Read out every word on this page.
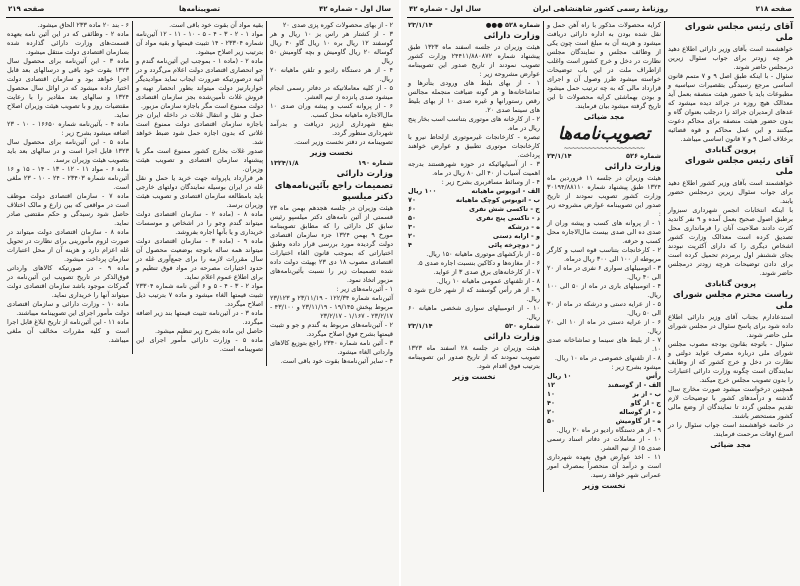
سال اول - شماره ۴۲
تصویبنامه‌ها
صفحه ۲۱۹

۶ - بند ۲۰ ماده ۲۳۳ الحاق میشود.

ماده ۲ - وظائفی که در این آئین نامه بعهده قسمت‌های وزارت دارائی گذارده شده بسازمان اقتصادی دولت منتقل میشود.

ماده ۳ - این آئین‌نامه برای محصول سال ۱۳۲۳ بقوت خود باقی و درسالهای بعد قابل اجرا خواهد بود و سازمان اقتصادی دولت اختیار داده میشود که در اوائل سال محصول ۱۳۲۴ و سالهای بعد مقادیر را با رعایت مقتضیات روز و با تصویب هیئت وزیران اصلاح نماید.

ماده ۴ - بآئین‌نامه شماره ۱۶۶۵۰ - ۱۰ - ۲۳ اضافه میشود بشرح زیر :

ماده ۵ - این آئین‌نامه برای محصول سال ۱۳۲۳ قابل اجرا است و در سالهای بعد باید بتصویب هیئت وزیران برسد.

ماده ۶ - مواد ۱۱ - ۱۲ - ۱۳ - ۱۴ - ۱۵ و ۱۶ آئین‌نامه شماره ۲۳۴۰۳ - ۲۴ - ۱۰ - ۲۳ ملغی است.

ماده ۷ - سازمان اقتصادی دولت موظف است در مواقعی که بین زارع و مالک اختلاف حاصل شود رسیدگی و حکم مقتضی صادر نماید.

ماده ۸ - سازمان اقتصادی دولت میتواند در صورت لزوم مأمورینی برای نظارت در تحویل غله اعزام دارد و هزینه آن از محل اعتبارات سازمان پرداخت میشود.

ماده ۹ - در صورتیکه کالاهای وارداتی فوق‌الذکر در تاریخ تصویب این آئین‌نامه در گمرکات موجود باشد سازمان اقتصادی دولت میتواند آنها را خریداری نماید.

ماده ۱۰ - وزارت دارائی و سازمان اقتصادی دولت مأمور اجرای این تصویبنامه میباشند.

ماده ۱۱ - این آئین‌نامه از تاریخ ابلاغ قابل اجرا است و کلیه مقررات مخالف آن ملغی میباشد.

بقیه مواد آن بقوت خود باقی است.

مواد ۱ - ۲ - ۳ - ۴ - ۵ - ۱۰ - ۱۱ - ۱۲ آئین‌نامه شماره ۲۳۳۰۴ - ۱۴ تثبیت قیمتها و بقیه مواد آن بترتیب زیر اصلاح میشود.

ماده ۲ - (ماده ۱ - بموجب این آئین‌نامه گندم و جو انحصاری اقتصادی دولت اعلام می‌گردد و در آتیه درصورتیکه ضرورت ایجاب نماید موادیدیگر خواربارنیز دولت میتواند بطور انحصار تهیه و فروش غلات تأمین‌شده بجز سازمان اقتصادی دولت ممنوع است مگر باجازه سازمان مزبور.

حمل و نقل و انتقال غلات در داخله ایران جز باجازه سازمان اقتصادی دولت ممنوع است غلاتی که بدون اجازه حمل شود ضبط خواهد شد.

صدور غلات بخارج کشور ممنوع است مگر با پیشنهاد سازمان اقتصادی و تصویب هیئت وزیران.

هر قرارداد یاپروانه جهت خرید یا حمل و نقل غله در ایران بوسیله نمایندگان دولتهای خارجی باید بامطالعه سازمان اقتصادی و تصویب هیئت وزیران برسد.

ماده ۸ - (ماده ۲ - سازمان اقتصادی دولت میتواند گندم وجو را در اشخاص و موسسات خریداری و یا بآنها اجاره بفروشد.

ماده ۹ - (ماده ۳ - سازمان اقتصادی دولت میتواند همه ساله باتوجه بوضعیت محصول آن سال مقررات لازمه را برای جمع‌آوری غله در حدود اختیارات مصرحه در مواد فوق تنظیم و برای اطلاع عموم اعلام نماید.

مواد ۲ - ۳ - ۴ - ۵ و ۶ آئین نامه شماره ۲۳۳۰۴ تثبیت قیمتها الغاء میشود و ماده ۷ بترتیب ذیل اصلاح میگردد.

ماده ۳ - در آئین‌نامه تثبیت قیمتها بند زیر اضافه میگردد.

حاصل این ماده بشرح زیر تنظیم میشود.

ماده ۵ - وزارت دارائی مأمور اجرای این تصویبنامه است.

۲ - از بهای محصولات کوره پزی صدی ۲۰

۳ - از کشتار هر راس بز ۱۰ ریال و هر گوسفند ۱۲ ریال بره ۱۰ ریال گاو ۴۰ ریال گوساله ۲۰ ریال گاومیش و بچه گاومیش ۵۰ ریال

۴ - از هر دستگاه رادیو و تلفن ماهیانه ۲۰ ریال.

۵ - از کلیه معاملاتیکه در دفاتر رسمی انجام میشود صدی پانزده از نیم العشر.

۶ - از پروانه کسب و پیشه وران صدی ۱۰ مال‌الاجاره ماهیانه محل کسب.

بنفع شهرداری ارزیز دریافت و بدرآمد شهرداری منظور گردد.

تصویبنامه در دفتر نخست وزیر است.

نخست وزیر
شماره ۱۹۰
۱۳۲۴/۱/۸
وزارت دارائی
تصمیمات راجع بآئین‌نامه‌های دکتر میلسپو

هیئت وزیران در جلسه هجدهم بهمن ماه ۲۳ قسمتی از آئین نامه‌های دکتر میلسپو رئیس سابق کل دارائی را که مطابق تصویبنامه مورخ ۹ بهمن ۱۳۲۴ جزء سازمان اقتصادی دولت گردیده مورد بررسی قرار داده وطبق اختیاراتی که بموجب قانون الغاء اختیارات اقتصادی مصوب ۱۸ دی ۲۳ بهیئت دولت داده شده تصمیمات زیر را نسبت بآئین‌نامه‌های مزبور اتخاذ نمود.

۱ - آئین‌نامه‌های زیر :

آئین‌نامه شماره ۱۲۲/۳۴ - ۲۳/۱۱/۱۹ و ۲۳/۱۲۳ مربوط بپخش ۱۹/۱۴۵ - ۲۳/۱۱/۱۹ و ۴۳/۱۰۰ - ۲۳/۲/۱۷ - ۱/۱۶۷ - ۲۳/۲/۱۷

۲ - آئین‌نامه‌های مربوط به گندم و جو و تثبیت قیمتها بشرح فوق اصلاح میگردد.

۳ - آئین نامه شماره ۲۳۴۰ راجع بتوزیع کالاهای وارداتی الغاء میشود.

۴ - سایر آئین‌نامه‌ها بقوت خود باقی است.

صفحه ۲۱۸
روزنامهٔ رسمی کشور شاهنشاهی ایران
سال اول - شماره ۴۲
شماره ۵۲۸ ●●●
۲۳/۱/۱۴
وزارت دارائی

هیئت وزیران در جلسه اسفند ماه ۱۳۲۳ طبق پیشنهاد شماره ۲۴۴۱۱/۸۸۰۸۷۲ وزارت کشور تصویب نمودند از تاریخ صدور این تصویبنامه عوارض مشروحه زیر :

۱ - از بهای بلیط های ورودی بتأترها و تماشاخانه‌ها و هر گونه ضیافت منجمله مجالس رقص رستورانها و غیره صدی ۱۰ از بهای بلیط های سینما صدی ۲۰.

۲ - از کارخانه های موتوری بتناسب اسب بخار پنج ریال در ماه.

تبصره - کارخانجات غیرموتوری ازلحاظ نیرو با کارخانجات موتوری تطبیق و عوارض خواهند پرداخت.

۳ - از آسیابهائیکه در حوزه شهرهستند بدرجه اهمیت آسیاب از ۴۰ الی ۸۰ ریال در ماه.

۴ - از وسائط مسافربری بشرح زیر :

الف - اتوبوس ماهیانه
۱۰۰ ریال
ب - اتوبوس کوچک ماهیانه
۷۰
ج - تاکسی شش نفری
۶۰
د - تاکسی پنج نفری
۵۰
ه - درشکه
۳۰
و - ارابه دستی
۲۰
ز - دوچرخه پائی
۴

۵ - از بارکشهای موتوری ماهیانه ۱۵۰ ریال.

۶ - از مغازه‌ها و دکاکین بنسبت اجاره صدی ۵.

۷ - از کارخانه‌های برق صدی ۳ از عواید.

۸ - از تلفنهای عمومی ماهیانه ۱۰ ریال.

۹ - از هر رأس گوسفند که از شهر خارج شود ۵ ریال.

۱۰ - از اتومبیلهای سواری شخصی ماهیانه ۶۰ ریال.

شماره ۵۳۰
۲۳/۱/۱۴
وزارت دارائی

هیئت وزیران در جلسه ۲۸ اسفند ماه ۱۳۲۳ تصویب نمودند که از تاریخ صدور این تصویبنامه بترتیب فوق اقدام شود.

نخست وزیر

کرایه محصولات مذکور با راه آهن حمل و نقل شده بودن به اداره دارائی دریافت میشود و هزینه آن به مبلغ است چون یکی از وظائف مجلس و نمایندگان مجلس نظارت در دخل و خرج کشور است واغلب ازاطراف ملت در این باب توضیحات خواسته میشود طرز وصول آن و اجرای قرارداد مالی که به چه ترتیب حمل میشود و بودن بهماشئی کرایه محصولات تا این تاریخ گرفته میشود بیان فرمایند.

مجد ضیائی
تصویب‌نامه‌ها
~~~~~~~~~~~~~~~~~~~~
شماره ۵۲۶
۲۴/۱/۱۴
وزارت دارائی

هیئت وزیران در جلسه ۱۱ فروردین ماه ۱۳۲۴ طبق پیشنهاد شماره ۳۰۱۹۴/۸۸۱۱۰ وزارت کشور تصویب نمودند از تاریخ صدور این تصویبنامه عوارض مشروحه زیر :

۱ - از پروانه های کسب و پیشه وران از صدی ده الی صدی بیست مال‌الاجاره محل کسب و حرفه.

۲ - کارخانجات بتناسب قوه اسب و کارگر مربوطه از ۱۰۰ الی ۳۰۰ ریال درماه.

۳ - اتومبیلهای سواری ۶ نفری در ماه از ۲۰ الی ۴۰ ریال.

۴ - اتومبیلهای باری در ماه از ۵۰ الی ۱۰۰ ریال.

۵ - از عرایه دستی و درشکه در ماه از ۳۰ الی ۵۰ ریال.

۶ - از عرایه دستی در ماه از ۱۰ الی ۲۰ ریال.

۷ - از بلیط های سینما و تماشاخانه صدی ۱۰.

۸ - از تلفنهای خصوصی در ماه ۱۰ ریال.

میشود بشرح زیر :

رأس
۱۰ ریال
الف - از گوسفند
۱۲
ب - از بز
۱۰
ج - از گاو
۴۰
د - از گوساله
۲۰
ه - از گاومیش
۵۰

۹ - از هر دستگاه رادیو در ماه ۲۰ ریال.

۱۰ - از معاملات در دفاتر اسناد رسمی صدی ۱۵ از نیم العشر.

۱۱ - اخذ عوارض فوق بعهده شهرداری است و درآمد آن منحصراً بمصرف امور عمرانی شهر خواهد رسید.

نخست وزیر
آقای رئیس مجلس شورای ملی

خواهشمند است بآقای وزیر دارائی اطلاع دهید هر چه زودتر برای جواب سئوال زیرین درمجلس حاضر شوند.

سئوال - با اینکه طبق اصل ۹ و ۷ متمم قانون اساسی مرجع رسیدگی بتقصیرات سیاسیه و مطبوعات باید با حضور هیئت منصفه بعمل آید معذالک هیچ روزه در جرائد دیده میشود که عدهای ازمدیران جرائد را درجلب بعنوان گاه و بدون حضور هیئت منصفه برای محاکم دعوت میکنند و این عمل محاکم و قوه قضائیه برخلاف اصل ۹ و ۷ قانون اساسی میباشد.

پروین گنابادی
آقای رئیس مجلس شورای ملی

خواهشمند است بآقای وزیر کشور اطلاع دهید برای جواب سئوال زیرین درمجلس حضور یابند.

با اینکه انتخابات انجمن شهرداری سبزوار برطبق اصول صحیح بعمل آمده و ۹ نفر کاندید کثرت دادند صلاحیت آنان را فرمانداری محل تصدیق کرده است معذالک وزارت کشور اشخاص دیگری را که دارای آکثریت نبودند بجای ششنفر اول برمردم تحمیل کرده است برای دادن توضیحات هرچه زودتر درمجلس حاضر شوند.

پروین گنابادی
ریاست محترم مجلس شورای ملی

استدعادارم بجناب آقای وزیر دارائی اطلاع داده شود برای پاسخ سئوال در مجلس شورای ملی حاضر شوند.

سئوال - باتوجه بقانون بودجه مصوب مجلس شورای ملی درباره مصرف عواید دولتی و نظارت در دخل و خرج کشور که از وظایف نمایندگان است چگونه وزارت دارائی اعتبارات را بدون تصویب مجلس خرج میکند.

همچنین درخواست میشود صورت مخارج سال گذشته و درآمدهای کشور با توضیحات لازم تقدیم مجلس گردد تا نمایندگان از وضع مالی کشور مستحضر باشند.

در خاتمه خواهشمند است جواب سئوال را در اسرع اوقات مرحمت فرمایند.

مجد ضیائی
